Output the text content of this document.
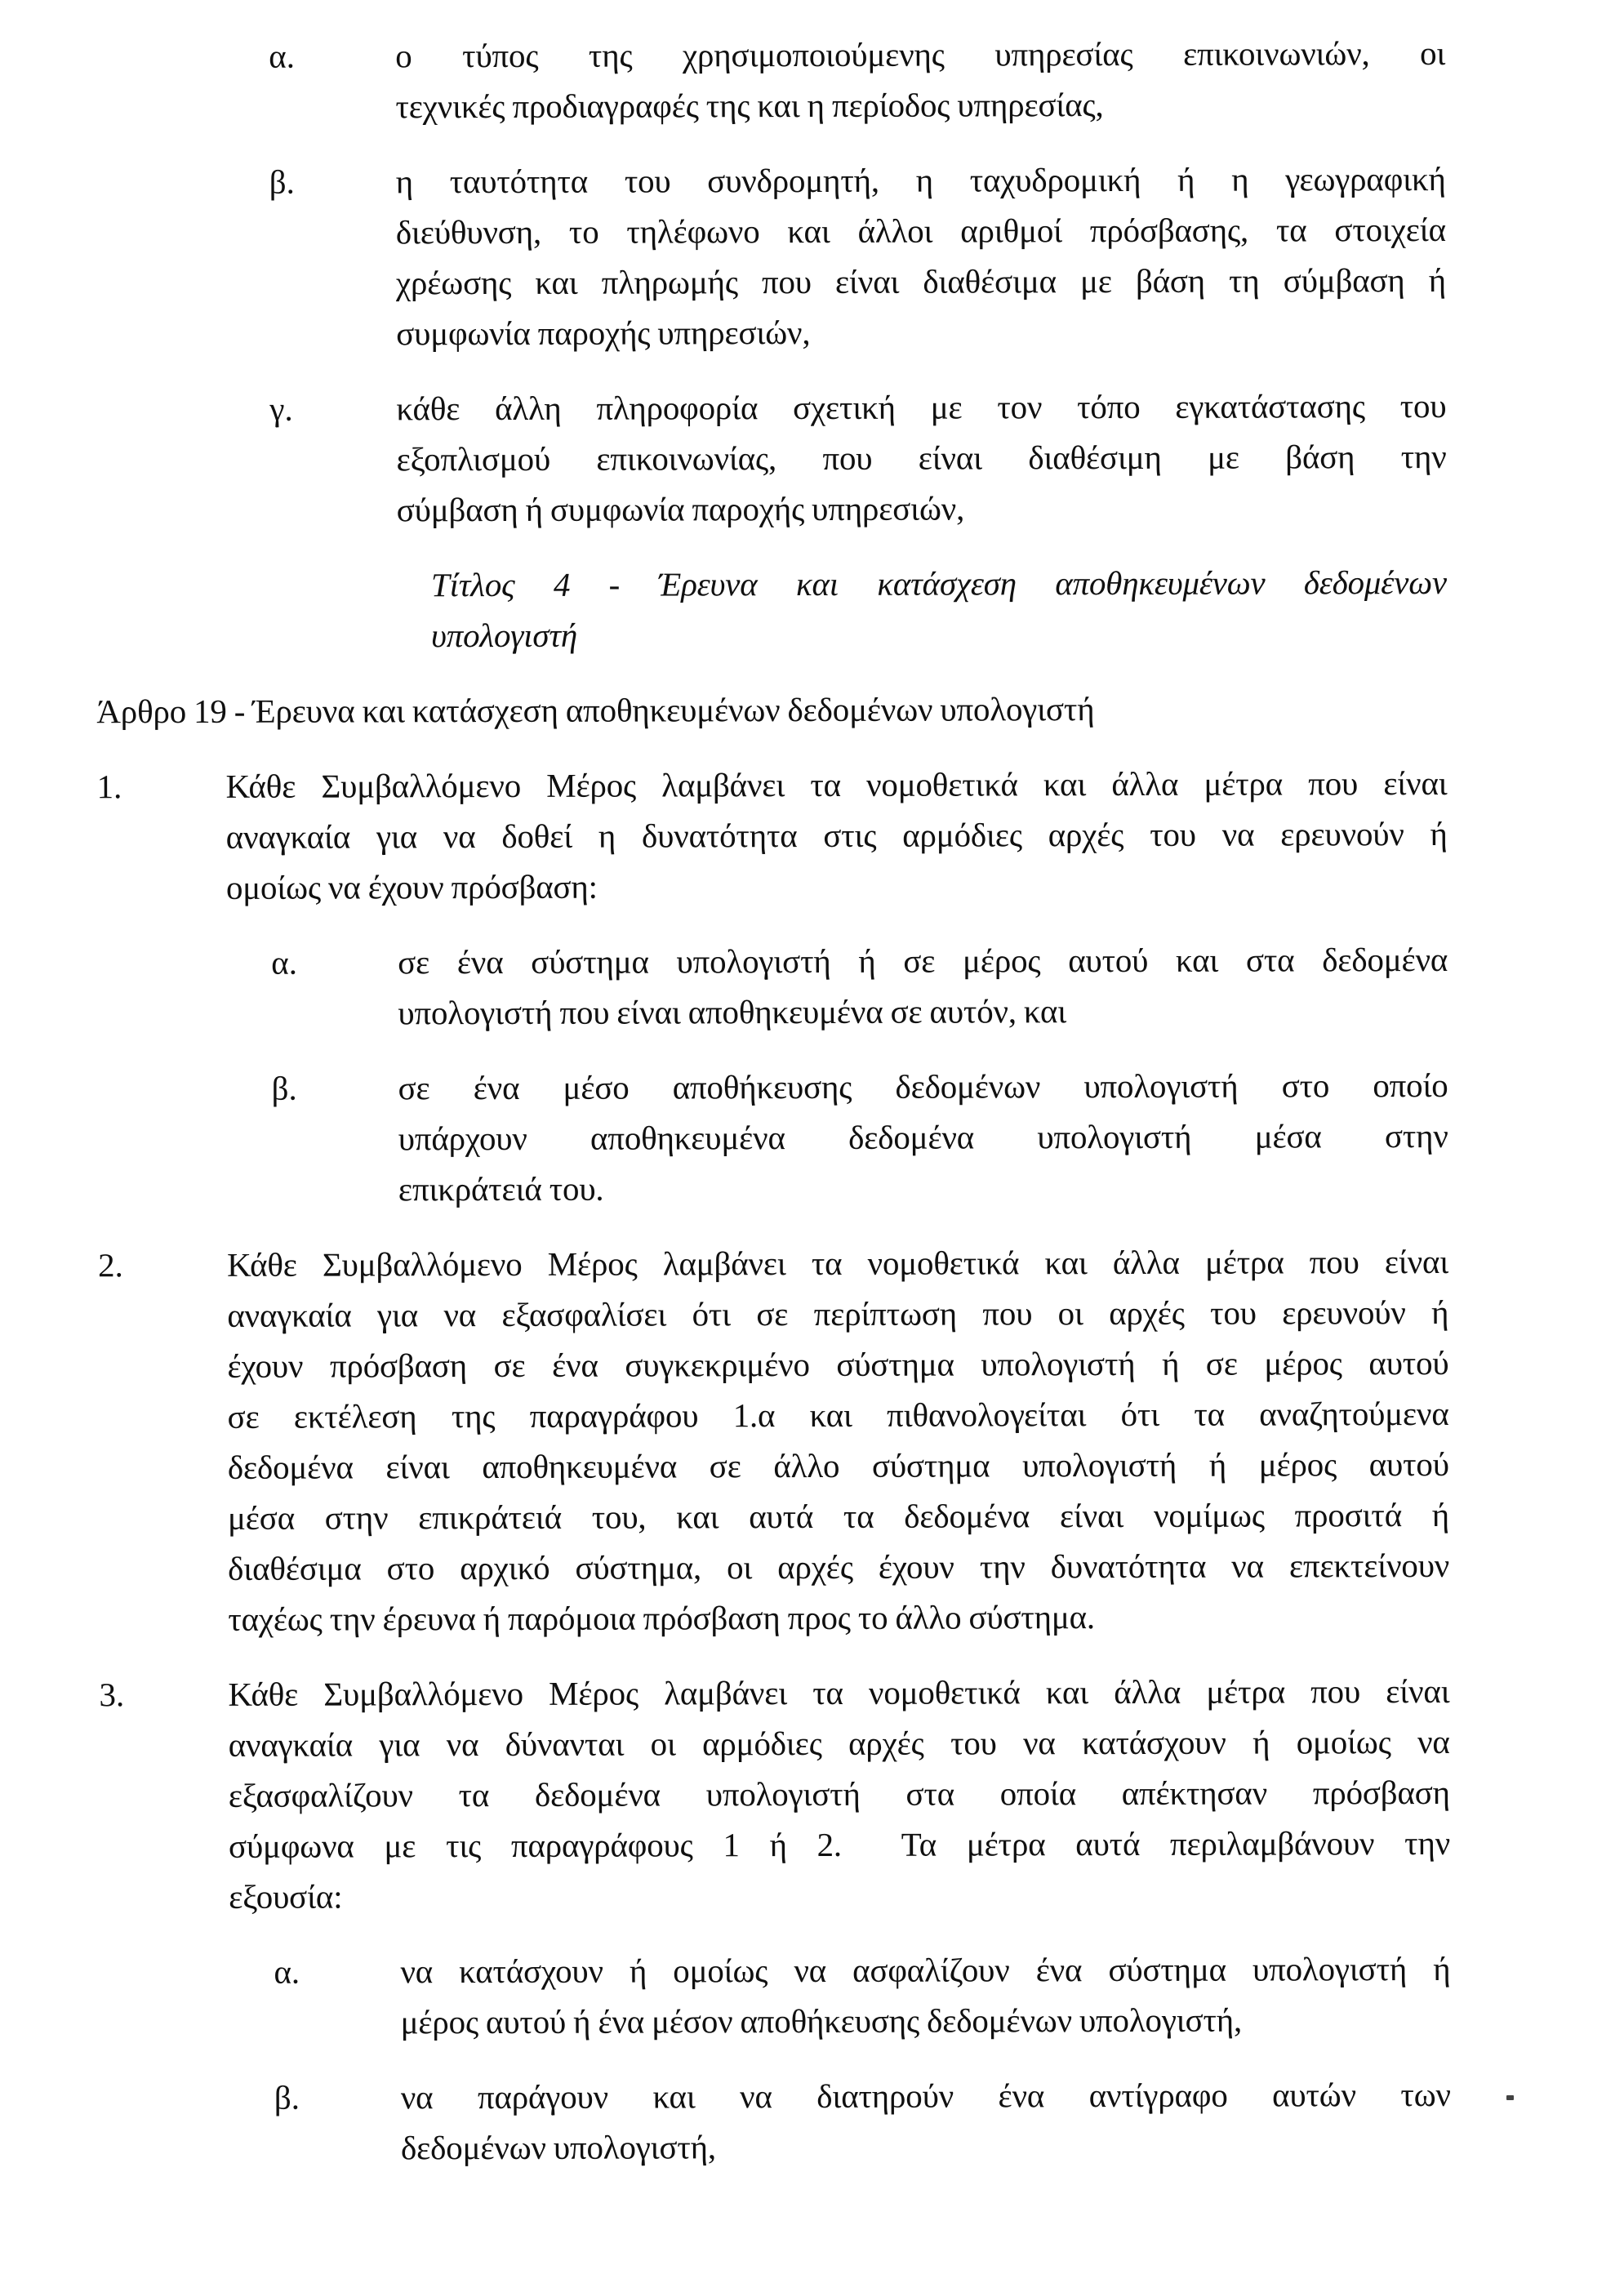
α.	ο τύπος της χρησιμοποιούμενης υπηρεσίας επικοινωνιών, οι
τεχνικές προδιαγραφές της και η περίοδος υπηρεσίας,
β.	η ταυτότητα του συνδρομητή, η ταχυδρομική ή η γεωγραφική
διεύθυνση, το τηλέφωνο και άλλοι αριθμοί πρόσβασης, τα στοιχεία
χρέωσης και πληρωμής που είναι διαθέσιμα με βάση τη σύμβαση ή
συμφωνία παροχής υπηρεσιών,
γ.	κάθε άλλη πληροφορία σχετική με τον τόπο εγκατάστασης του
εξοπλισμού επικοινωνίας, που είναι διαθέσιμη με βάση την
σύμβαση ή συμφωνία παροχής υπηρεσιών,
Τίτλος 4 - Έρευνα και κατάσχεση αποθηκευμένων δεδομένων
υπολογιστή
Άρθρο 19 - Έρευνα και κατάσχεση αποθηκευμένων δεδομένων υπολογιστή
1.	Κάθε Συμβαλλόμενο Μέρος λαμβάνει τα νομοθετικά και άλλα μέτρα που είναι
αναγκαία για να δοθεί η δυνατότητα στις αρμόδιες αρχές του να ερευνούν ή
ομοίως να έχουν πρόσβαση:
α.	σε ένα σύστημα υπολογιστή ή σε μέρος αυτού και στα δεδομένα
υπολογιστή που είναι αποθηκευμένα σε αυτόν, και
β.	σε ένα μέσο αποθήκευσης δεδομένων υπολογιστή στο οποίο
υπάρχουν αποθηκευμένα δεδομένα υπολογιστή μέσα στην
επικράτειά του.
2.	Κάθε Συμβαλλόμενο Μέρος λαμβάνει τα νομοθετικά και άλλα μέτρα που είναι
αναγκαία για να εξασφαλίσει ότι σε περίπτωση που οι αρχές του ερευνούν ή
έχουν πρόσβαση σε ένα συγκεκριμένο σύστημα υπολογιστή ή σε μέρος αυτού
σε εκτέλεση της παραγράφου 1.α και πιθανολογείται ότι τα αναζητούμενα
δεδομένα είναι αποθηκευμένα σε άλλο σύστημα υπολογιστή ή μέρος αυτού
μέσα στην επικράτειά του, και αυτά τα δεδομένα είναι νομίμως προσιτά ή
διαθέσιμα στο αρχικό σύστημα, οι αρχές έχουν την δυνατότητα να επεκτείνουν
ταχέως την έρευνα ή παρόμοια πρόσβαση προς το άλλο σύστημα.
3.	Κάθε Συμβαλλόμενο Μέρος λαμβάνει τα νομοθετικά και άλλα μέτρα που είναι
αναγκαία για να δύνανται οι αρμόδιες αρχές του να κατάσχουν ή ομοίως να
εξασφαλίζουν τα δεδομένα υπολογιστή στα οποία απέκτησαν πρόσβαση
σύμφωνα με τις παραγράφους 1 ή 2.  Τα μέτρα αυτά περιλαμβάνουν την
εξουσία:
α.	να κατάσχουν ή ομοίως να ασφαλίζουν ένα σύστημα υπολογιστή ή
μέρος αυτού ή ένα μέσον αποθήκευσης δεδομένων υπολογιστή,
β.	να παράγουν και να διατηρούν ένα αντίγραφο αυτών των
δεδομένων υπολογιστή,
